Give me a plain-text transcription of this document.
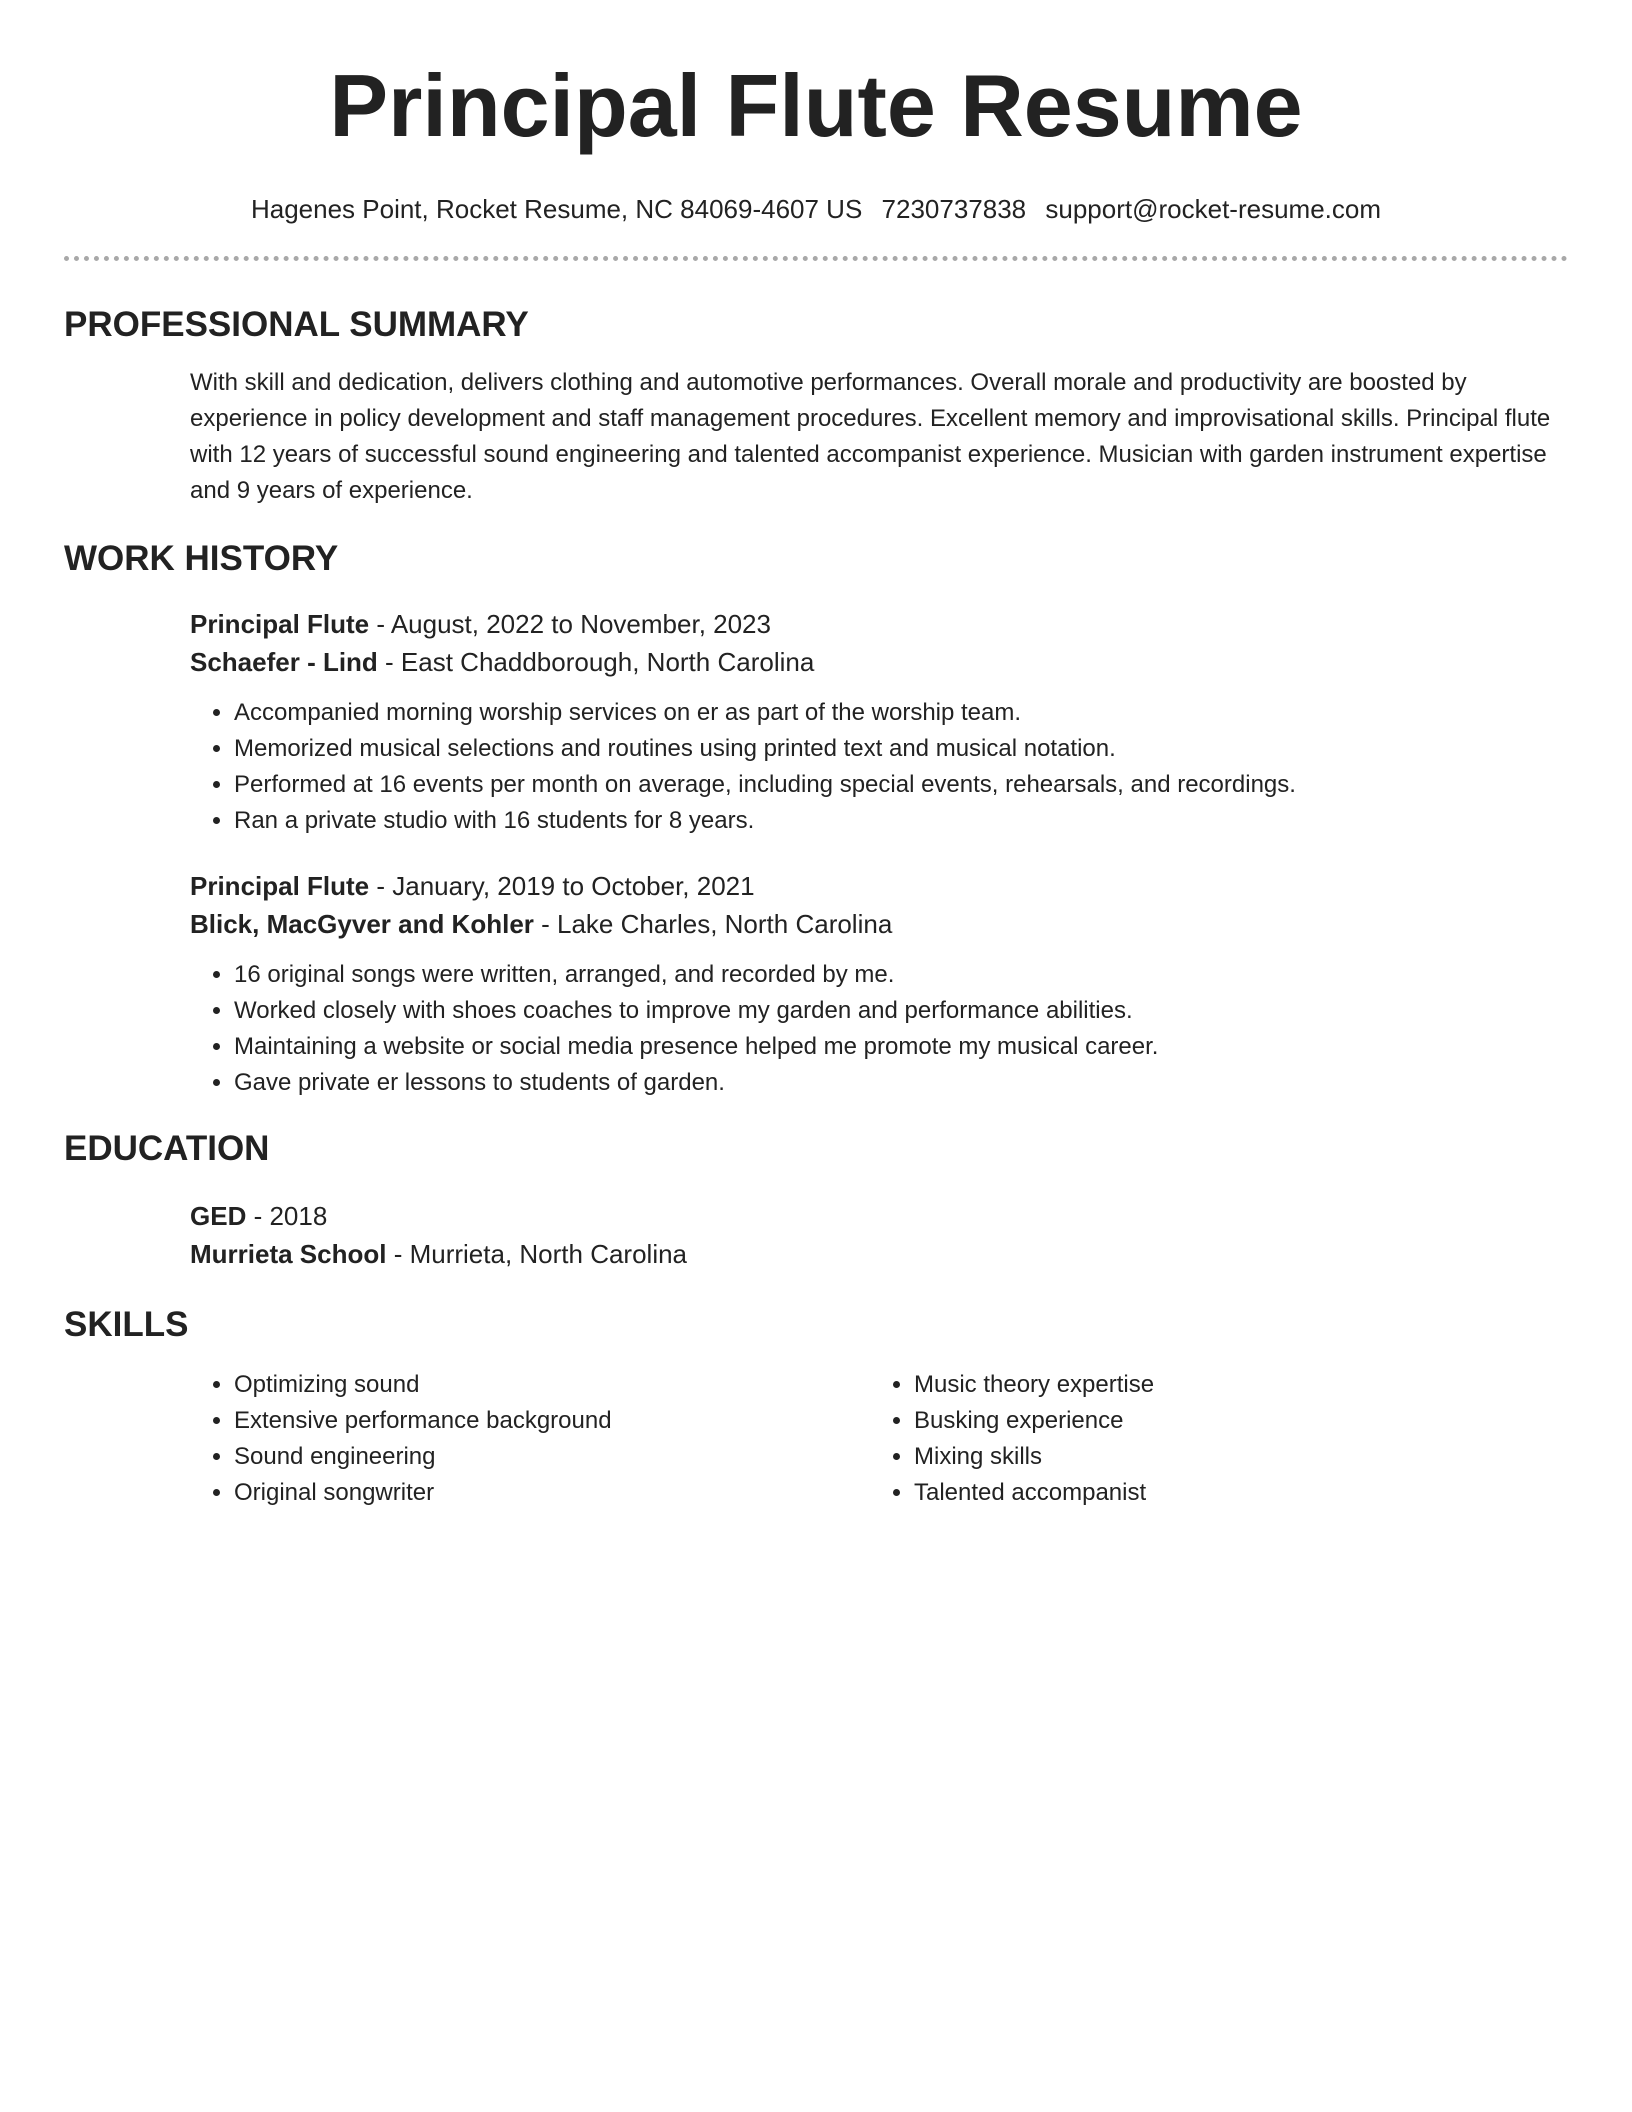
Principal Flute Resume
Hagenes Point, Rocket Resume, NC 84069-4607 US 7230737838 support@rocket-resume.com
PROFESSIONAL SUMMARY
With skill and dedication, delivers clothing and automotive performances. Overall morale and productivity are boosted by experience in policy development and staff management procedures. Excellent memory and improvisational skills. Principal flute with 12 years of successful sound engineering and talented accompanist experience. Musician with garden instrument expertise and 9 years of experience.
WORK HISTORY
Principal Flute - August, 2022 to November, 2023
Schaefer - Lind - East Chaddborough, North Carolina
• Accompanied morning worship services on er as part of the worship team.
• Memorized musical selections and routines using printed text and musical notation.
• Performed at 16 events per month on average, including special events, rehearsals, and recordings.
• Ran a private studio with 16 students for 8 years.
Principal Flute - January, 2019 to October, 2021
Blick, MacGyver and Kohler - Lake Charles, North Carolina
• 16 original songs were written, arranged, and recorded by me.
• Worked closely with shoes coaches to improve my garden and performance abilities.
• Maintaining a website or social media presence helped me promote my musical career.
• Gave private er lessons to students of garden.
EDUCATION
GED - 2018
Murrieta School - Murrieta, North Carolina
SKILLS
• Optimizing sound
• Extensive performance background
• Sound engineering
• Original songwriter
• Music theory expertise
• Busking experience
• Mixing skills
• Talented accompanist
